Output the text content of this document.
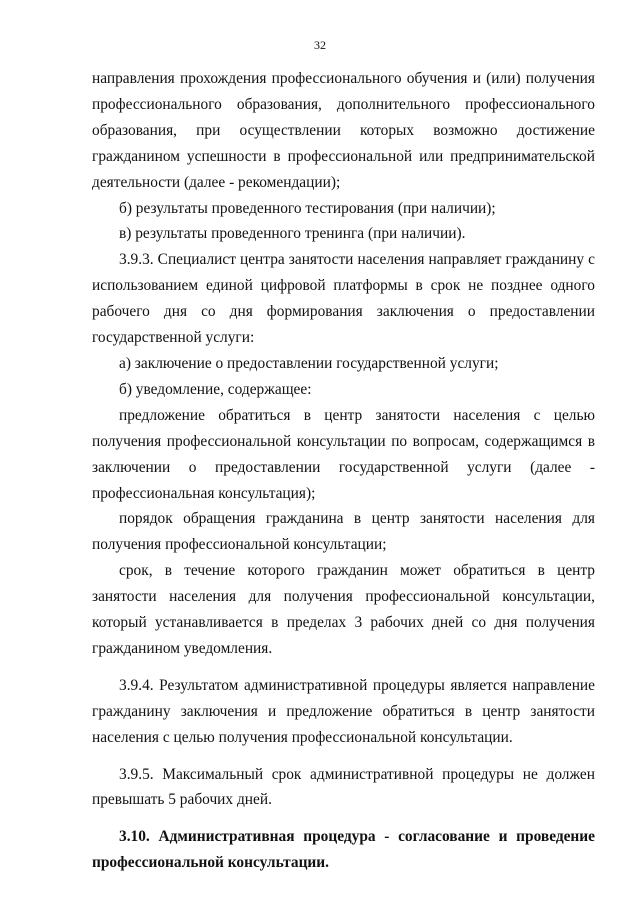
32

направления прохождения профессионального обучения и (или) получения профессионального образования, дополнительного профессионального образования, при осуществлении которых возможно достижение гражданином успешности в профессиональной или предпринимательской деятельности (далее - рекомендации);

б) результаты проведенного тестирования (при наличии);

в) результаты проведенного тренинга (при наличии).

3.9.3. Специалист центра занятости населения направляет гражданину с использованием единой цифровой платформы в срок не позднее одного рабочего дня со дня формирования заключения о предоставлении государственной услуги:

а) заключение о предоставлении государственной услуги;

б) уведомление, содержащее:

предложение обратиться в центр занятости населения с целью получения профессиональной консультации по вопросам, содержащимся в заключении о предоставлении государственной услуги (далее - профессиональная консультация);

порядок обращения гражданина в центр занятости населения для получения профессиональной консультации;

срок, в течение которого гражданин может обратиться в центр занятости населения для получения профессиональной консультации, который устанавливается в пределах 3 рабочих дней со дня получения гражданином уведомления.

3.9.4. Результатом административной процедуры является направление гражданину заключения и предложение обратиться в центр занятости населения с целью получения профессиональной консультации.

3.9.5. Максимальный срок административной процедуры не должен превышать 5 рабочих дней.

3.10. Административная процедура - согласование и проведение профессиональной консультации.
